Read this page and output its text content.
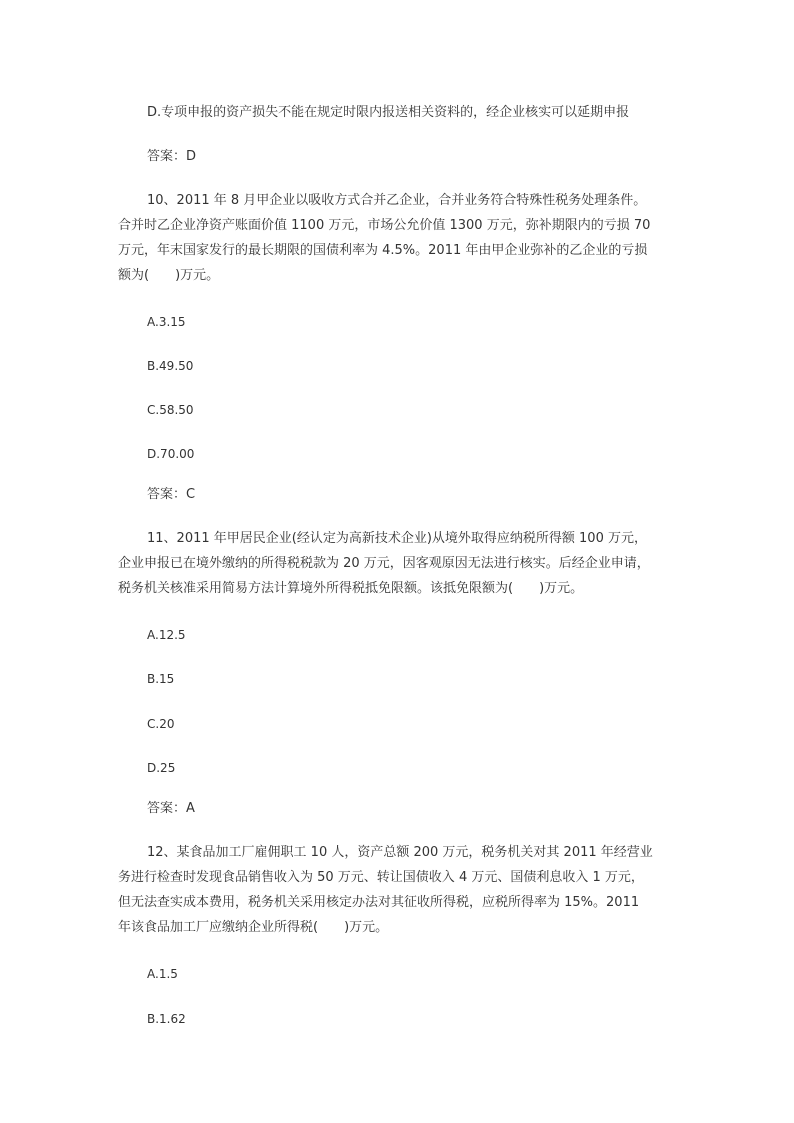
D.专项申报的资产损失不能在规定时限内报送相关资料的，经企业核实可以延期申报
答案：D
10、2011 年 8 月甲企业以吸收方式合并乙企业，合并业务符合特殊性税务处理条件。
合并时乙企业净资产账面价值 1100 万元，市场公允价值 1300 万元，弥补期限内的亏损 70
万元，年末国家发行的最长期限的国债利率为 4.5%。2011 年由甲企业弥补的乙企业的亏损
额为(　　)万元。
A.3.15
B.49.50
C.58.50
D.70.00
答案：C
11、2011 年甲居民企业(经认定为高新技术企业)从境外取得应纳税所得额 100 万元，
企业申报已在境外缴纳的所得税税款为 20 万元，因客观原因无法进行核实。后经企业申请，
税务机关核准采用简易方法计算境外所得税抵免限额。该抵免限额为(　　)万元。
A.12.5
B.15
C.20
D.25
答案：A
12、某食品加工厂雇佣职工 10 人，资产总额 200 万元，税务机关对其 2011 年经营业
务进行检查时发现食品销售收入为 50 万元、转让国债收入 4 万元、国债利息收入 1 万元，
但无法查实成本费用，税务机关采用核定办法对其征收所得税，应税所得率为 15%。2011
年该食品加工厂应缴纳企业所得税(　　)万元。
A.1.5
B.1.62
